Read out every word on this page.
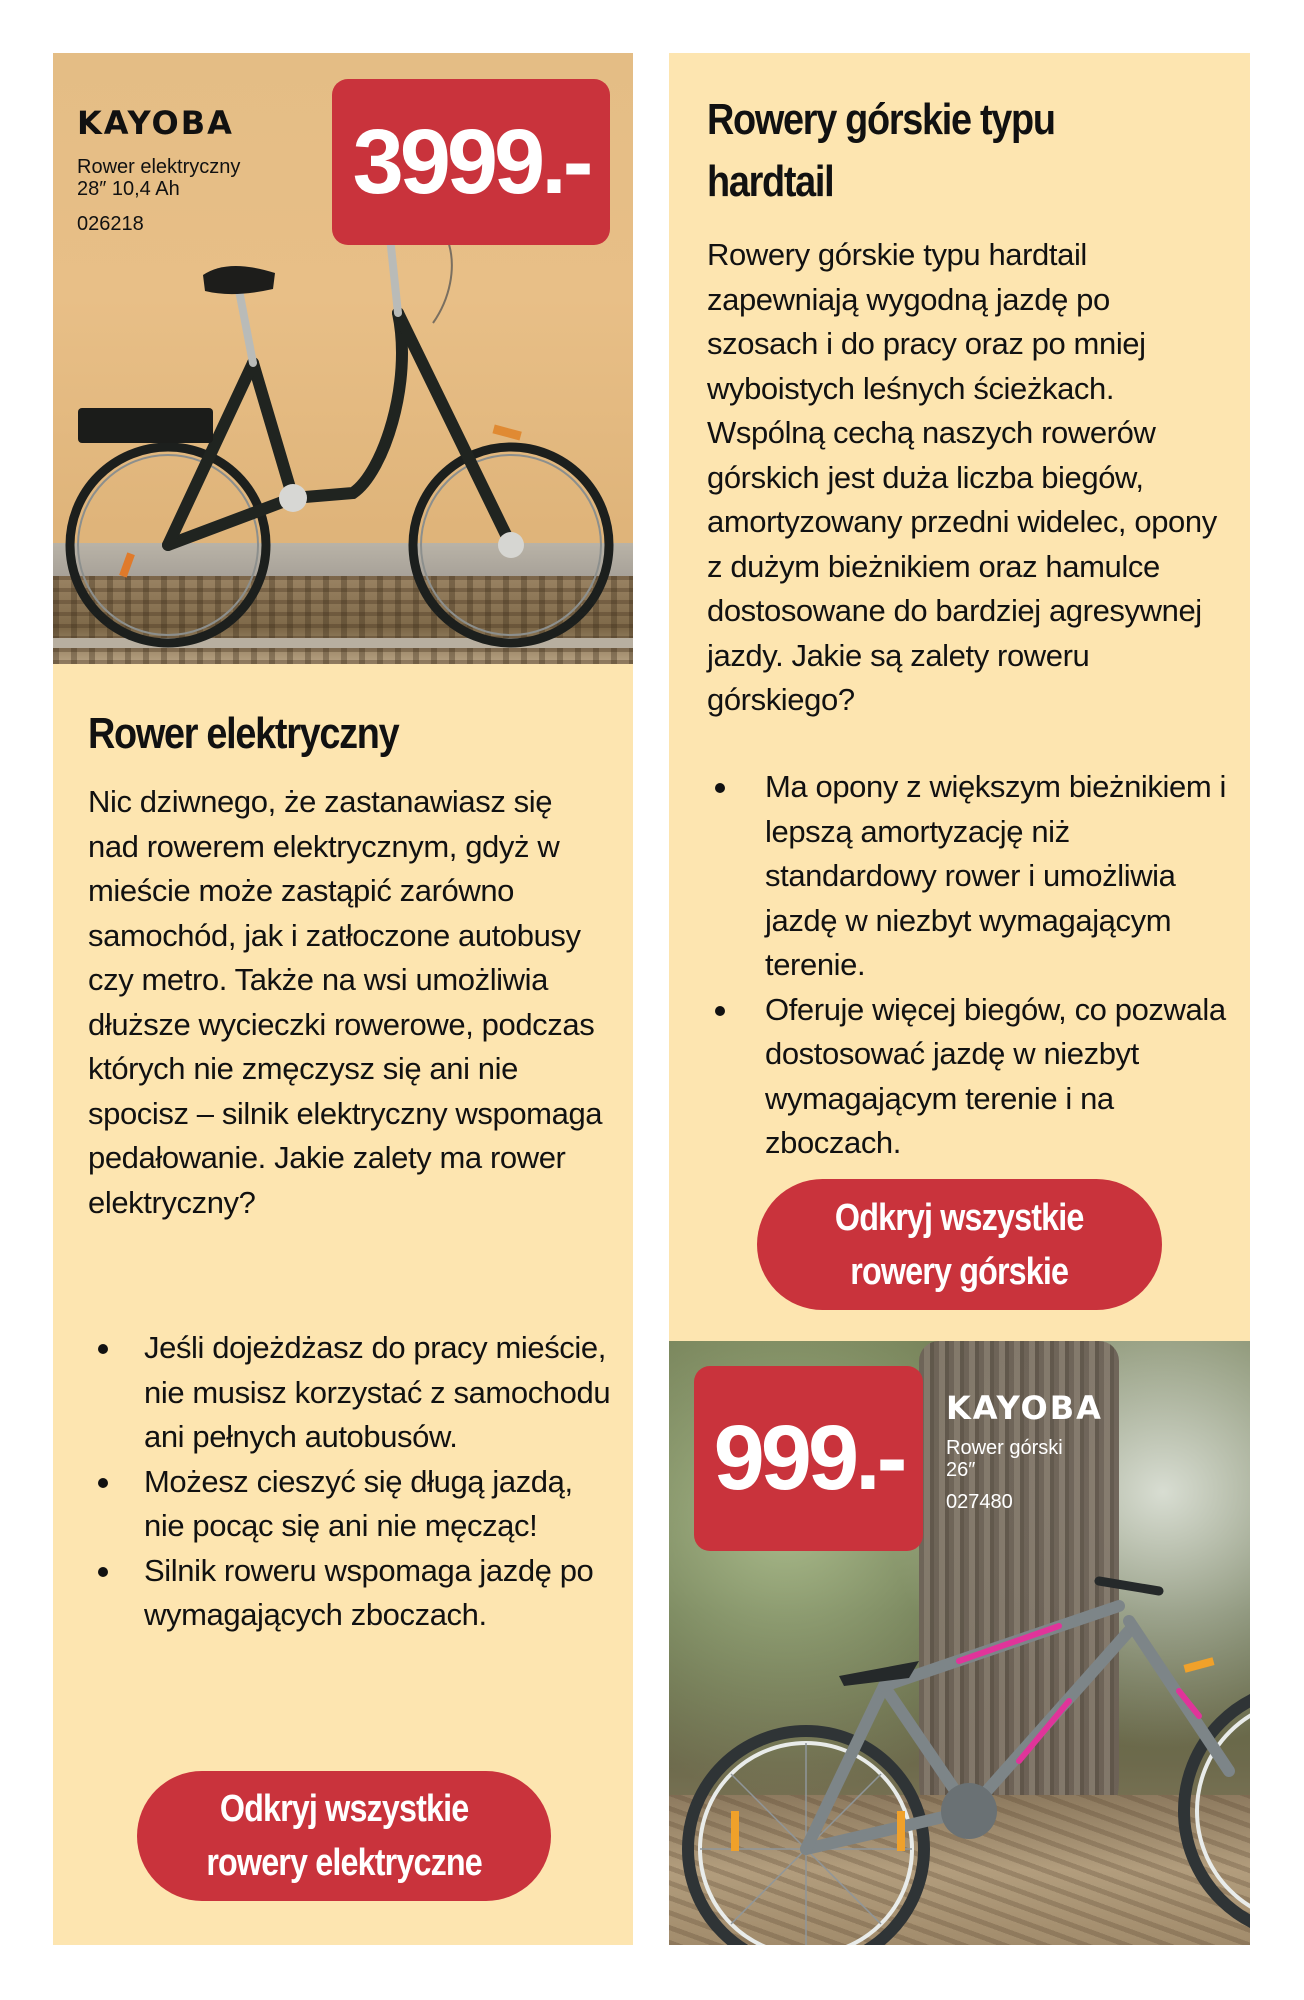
KAYOBA
Rower elektryczny
28″ 10,4 Ah
026218
3999.-
Rower elektryczny

Nic dziwnego, że zastanawiasz się nad rowerem elektrycznym, gdyż w mieście może zastąpić zarówno samochód, jak i zatłoczone autobusy czy metro. Także na wsi umożliwia dłuższe wycieczki rowerowe, podczas których nie zmęczysz się ani nie spocisz – silnik elektryczny wspomaga pedałowanie. Jakie zalety ma rower elektryczny?

Jeśli dojeżdżasz do pracy mieście, nie musisz korzystać z samochodu ani pełnych autobusów.
Możesz cieszyć się długą jazdą, nie pocąc się ani nie męcząc!
Silnik roweru wspomaga jazdę po wymagających zboczach.
Odkryj wszystkie
rowery elektryczne
Rowery górskie typu hardtail

Rowery górskie typu hardtail zapewniają wygodną jazdę po szosach i do pracy oraz po mniej wyboistych leśnych ścieżkach. Wspólną cechą naszych rowerów górskich jest duża liczba biegów, amortyzowany przedni widelec, opony z dużym bieżnikiem oraz hamulce dostosowane do bardziej agresywnej jazdy. Jakie są zalety roweru górskiego?

Ma opony z większym bieżnikiem i lepszą amortyzację niż standardowy rower i umożliwia jazdę w niezbyt wymagającym terenie.
Oferuje więcej biegów, co pozwala dostosować jazdę w niezbyt wymagającym terenie i na zboczach.
Odkryj wszystkie
rowery górskie
999.-	KAYOBA
Rower górski
26″
027480
